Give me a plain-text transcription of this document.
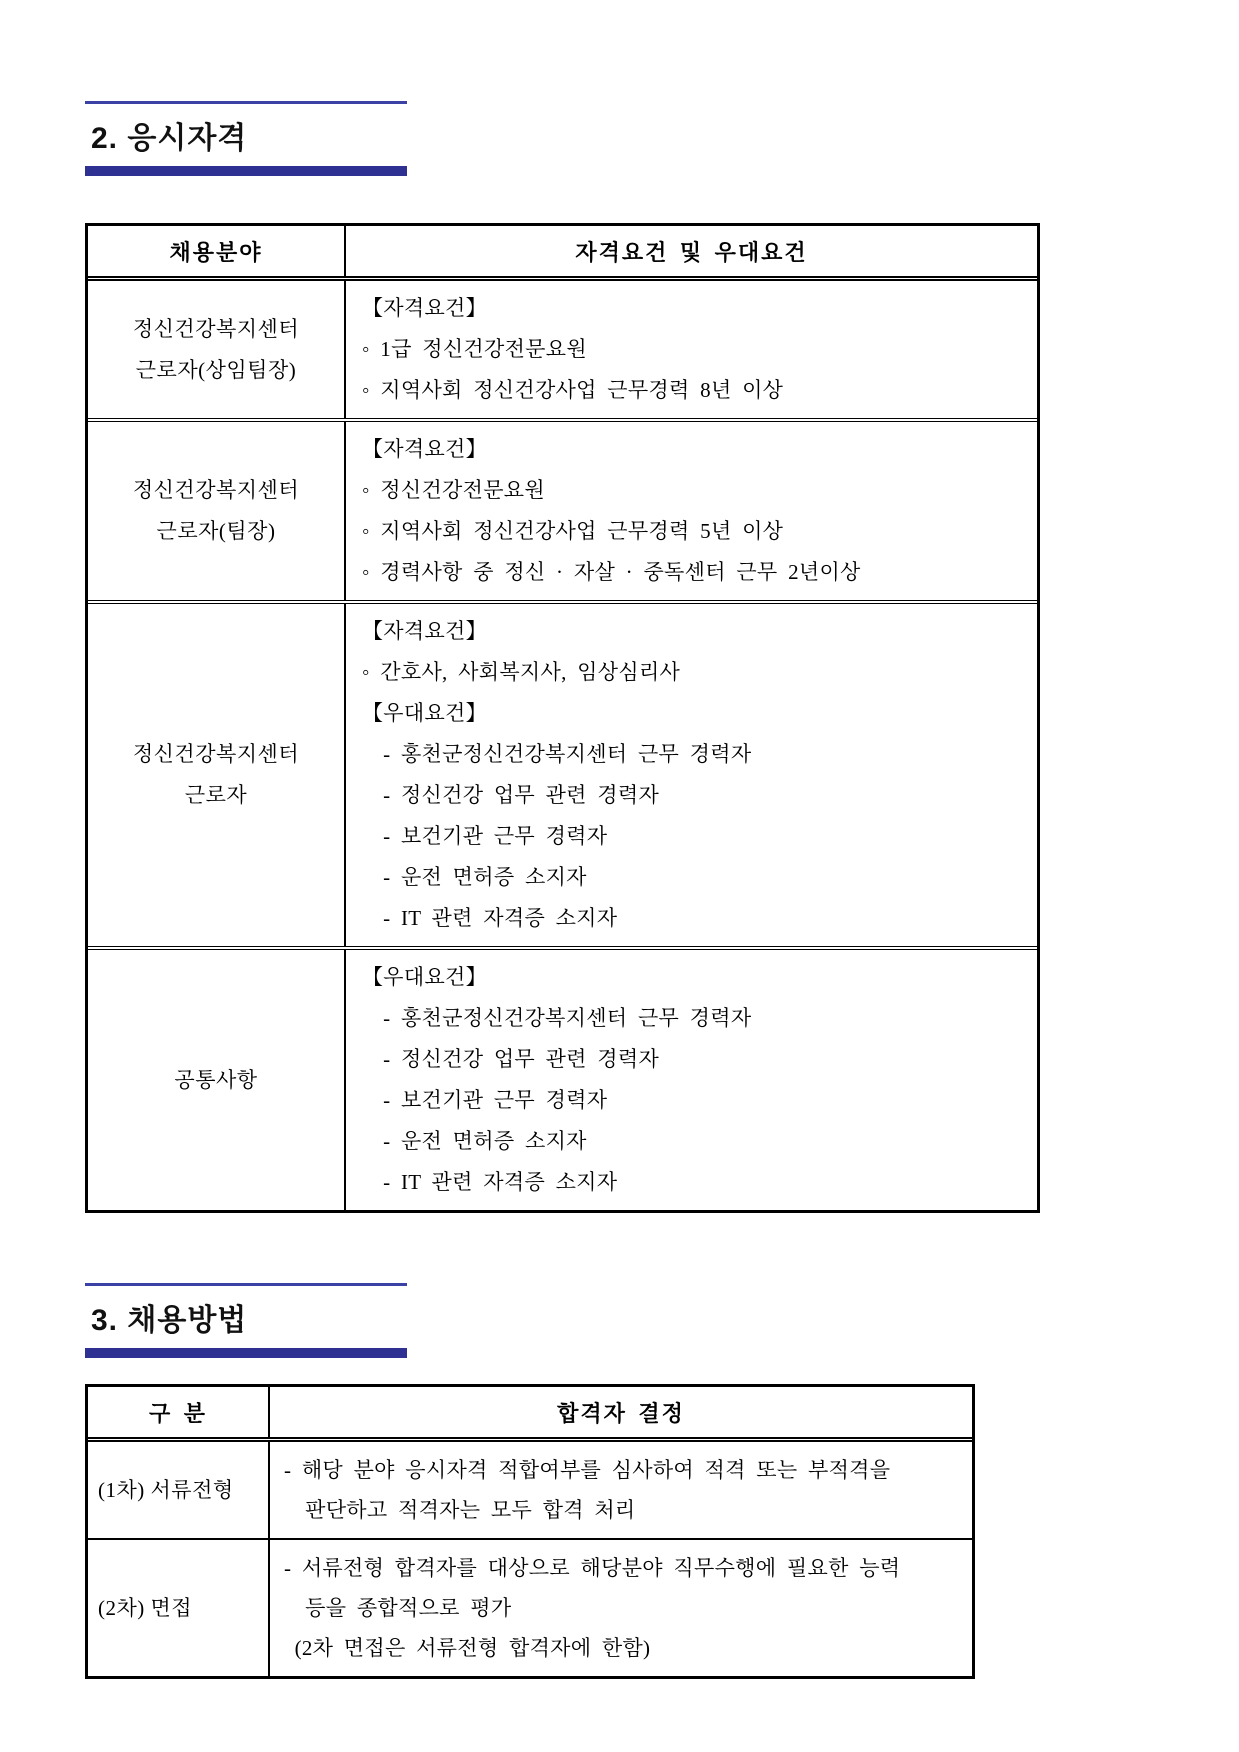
2. 응시자격
채용분야	자격요건 및 우대요건
정신건강복지센터
근로자(상임팀장)
【자격요건】
◦ 1급 정신건강전문요원
◦ 지역사회 정신건강사업 근무경력 8년 이상
정신건강복지센터
근로자(팀장)
【자격요건】
◦ 정신건강전문요원
◦ 지역사회 정신건강사업 근무경력 5년 이상
◦ 경력사항 중 정신 · 자살 · 중독센터 근무 2년이상
정신건강복지센터
근로자
【자격요건】
◦ 간호사, 사회복지사, 임상심리사
【우대요건】
- 홍천군정신건강복지센터 근무 경력자
- 정신건강 업무 관련 경력자
- 보건기관 근무 경력자
- 운전 면허증 소지자
- IT 관련 자격증 소지자
공통사항
【우대요건】
- 홍천군정신건강복지센터 근무 경력자
- 정신건강 업무 관련 경력자
- 보건기관 근무 경력자
- 운전 면허증 소지자
- IT 관련 자격증 소지자
3. 채용방법
구 분	합격자 결정
(1차) 서류전형
- 해당 분야 응시자격 적합여부를 심사하여 적격 또는 부적격을
판단하고 적격자는 모두 합격 처리
(2차) 면접
- 서류전형 합격자를 대상으로 해당분야 직무수행에 필요한 능력
등을 종합적으로 평가
(2차 면접은 서류전형 합격자에 한함)
